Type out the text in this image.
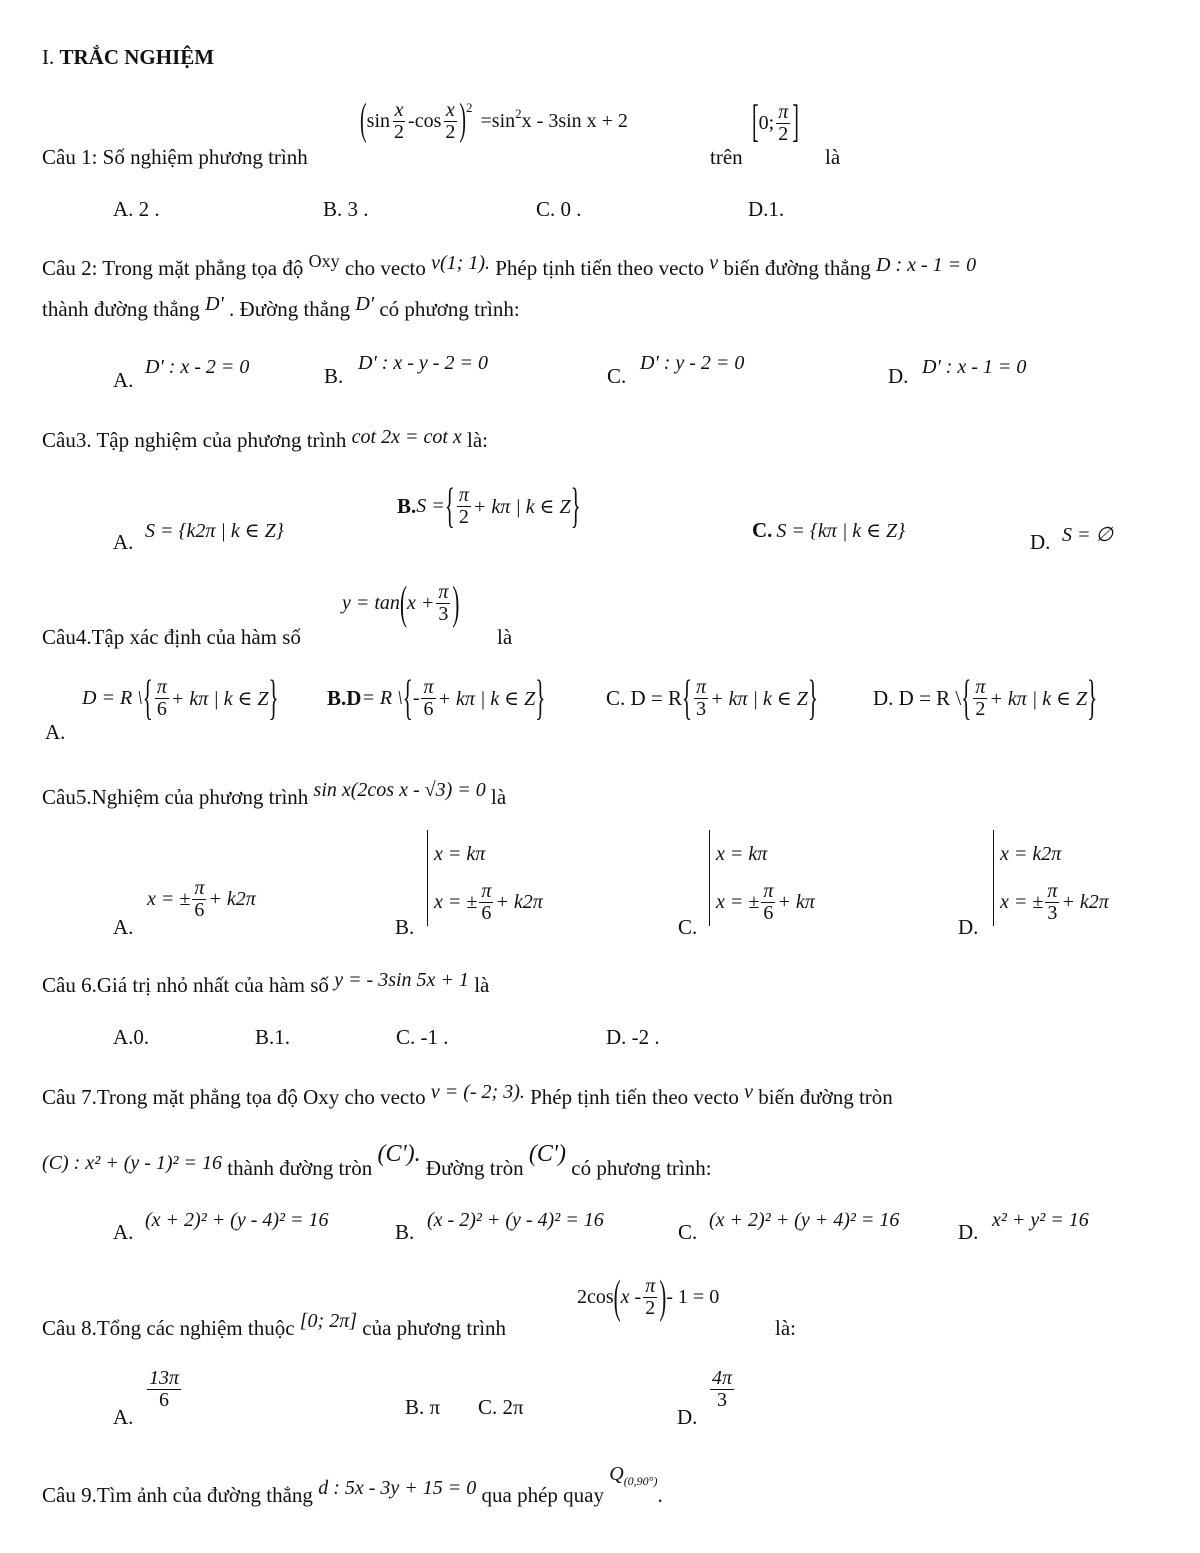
I. TRẮC NGHIỆM
Câu 1: Số nghiệm phương trình
( $\sin \frac{x}{2}$ - $\cos \frac{x}{2} )^2$
$=\sin^2$ x - 3sin x + 2
trên
[ 0; $\frac{\pi}{2}$ ]
là
A. 2 .	B. 3 .	C. 0 .	D.1.
Câu 2: Trong mặt phẳng tọa độ Oxy cho vecto v(1; 1). Phép tịnh tiến theo vecto v biến đường thẳng D : x - 1 = 0
thành đường thẳng D' . Đường thẳng D' có phương trình:
A.
D' : x - 2 = 0	B.
D' : x - y - 2 = 0
C.
D' : y - 2 = 0
D. D' : x - 1 = 0
Câu3. Tập nghiệm của phương trình cot 2x = cot x là:
A. S = {k2π | k ∈ Z}
B. S = { $\frac{\pi}{2} + k\pi$ | k ∈ Z }	C. S = {kπ | k ∈ Z}	D. S = ∅
Câu4.Tập xác định của hàm số
y = tan ( $x + \frac{\pi}{3}$ )
là
A.
D = R \ { $\frac{\pi}{6} + k\pi$ | k ∈ Z } B. D = R \ { - $\frac{\pi}{6} + k\pi$ | k ∈ Z }	C. D = R { $\frac{\pi}{3} + k\pi$ | k ∈ Z }	D. D = R \ { $\frac{\pi}{2} + k\pi$ | k ∈ Z }
Câu5.Nghiệm của phương trình sin x(2cos x - √3) = 0 là
A.
x = ± $\frac{\pi}{6} + k2\pi$
B.
x = kπ
x = ± $\frac{\pi}{6} + k2\pi$
C.
x = kπ
x = ± $\frac{\pi}{6} + k\pi$
D.
x = k2π
x = ± $\frac{\pi}{3} + k2\pi$
Câu 6.Giá trị nhỏ nhất của hàm số y = - 3sin 5x + 1 là
A.0.	B.1.	C. -1 .	D. -2 .
Câu 7.Trong mặt phẳng tọa độ Oxy cho vecto v = (- 2; 3). Phép tịnh tiến theo vecto v biến đường tròn
(C) : x² + (y - 1)² = 16 thành đường tròn (C'). Đường tròn (C') có phương trình:
A. (x + 2)² + (y - 4)² = 16	B. (x - 2)² + (y - 4)² = 16	C. (x + 2)² + (y + 4)² = 16	D. x² + y² = 16
Câu 8.Tổng các nghiệm thuộc [0; 2π] của phương trình
2cos ( x - $\frac{\pi}{2}$ ) - 1 = 0
là:
A.
$\frac{13\pi}{6}$	B. π C. 2π	D.
$\frac{4\pi}{3}$
Câu 9.Tìm ảnh của đường thẳng d : 5x - 3y + 15 = 0 qua phép quay $Q_{(0,90^\circ)}$.
